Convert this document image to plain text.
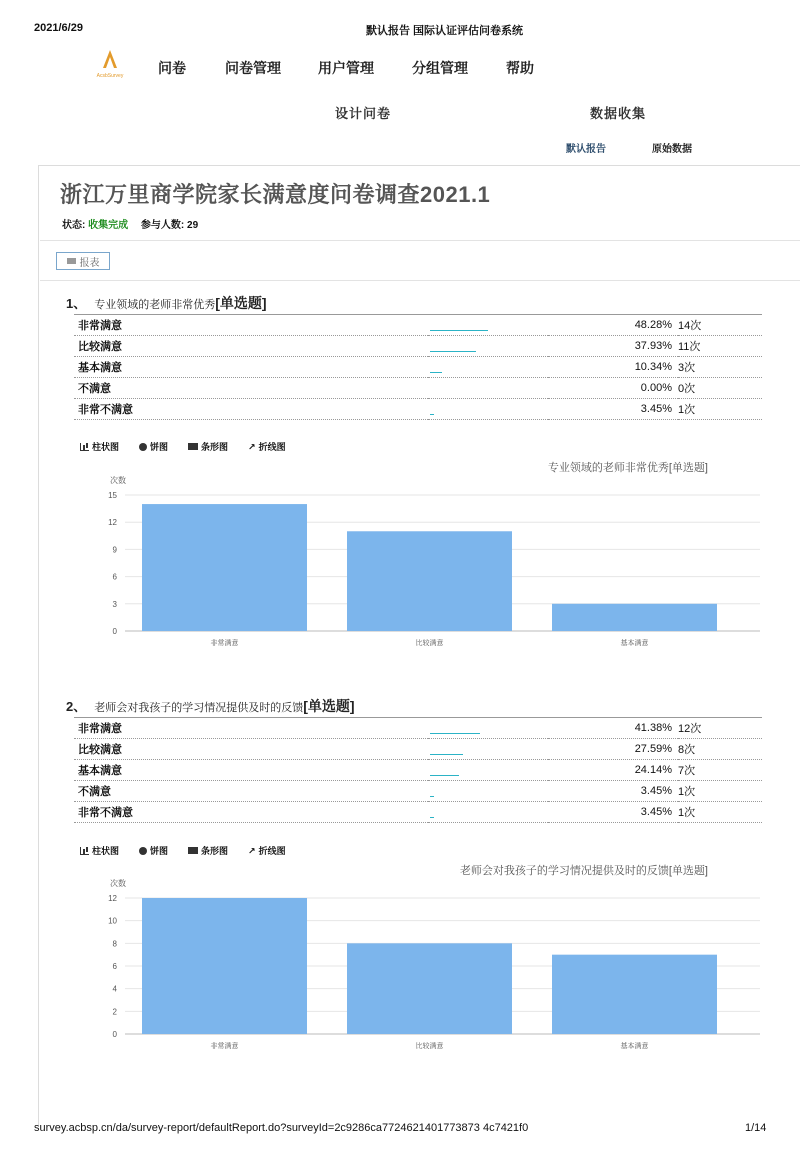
2021/6/29	默认报告 国际认证评估问卷系统
AcsbSurvey 问卷	问卷管理	用户管理	分组管理	帮助
设计问卷	数据收集
默认报告	原始数据
浙江万里商学院家长满意度问卷调查2021.1
状态: 收集完成 参与人数: 29
报表
1、 专业领域的老师非常优秀[单选题]
非常满意		48.28%	14次
比较满意		37.93%	11次
基本满意		10.34%	3次
不满意		0.00%	0次
非常不满意		3.45%	1次
柱状图	饼图	条形图 ↗ 折线图
专业领域的老师非常优秀[单选题]
次数
0
3
6
9
12
15
非常满意	比较满意	基本满意
2、 老师会对我孩子的学习情况提供及时的反馈[单选题]
非常满意		41.38%	12次
比较满意		27.59%	8次
基本满意		24.14%	7次
不满意		3.45%	1次
非常不满意		3.45%	1次
柱状图	饼图	条形图 ↗ 折线图
老师会对我孩子的学习情况提供及时的反馈[单选题]
次数
0
2
4
6
8
10
12
非常满意	比较满意	基本满意
survey.acbsp.cn/da/survey-report/defaultReport.do?surveyId=2c9286ca7724621401773873 4c7421f0	1/14
